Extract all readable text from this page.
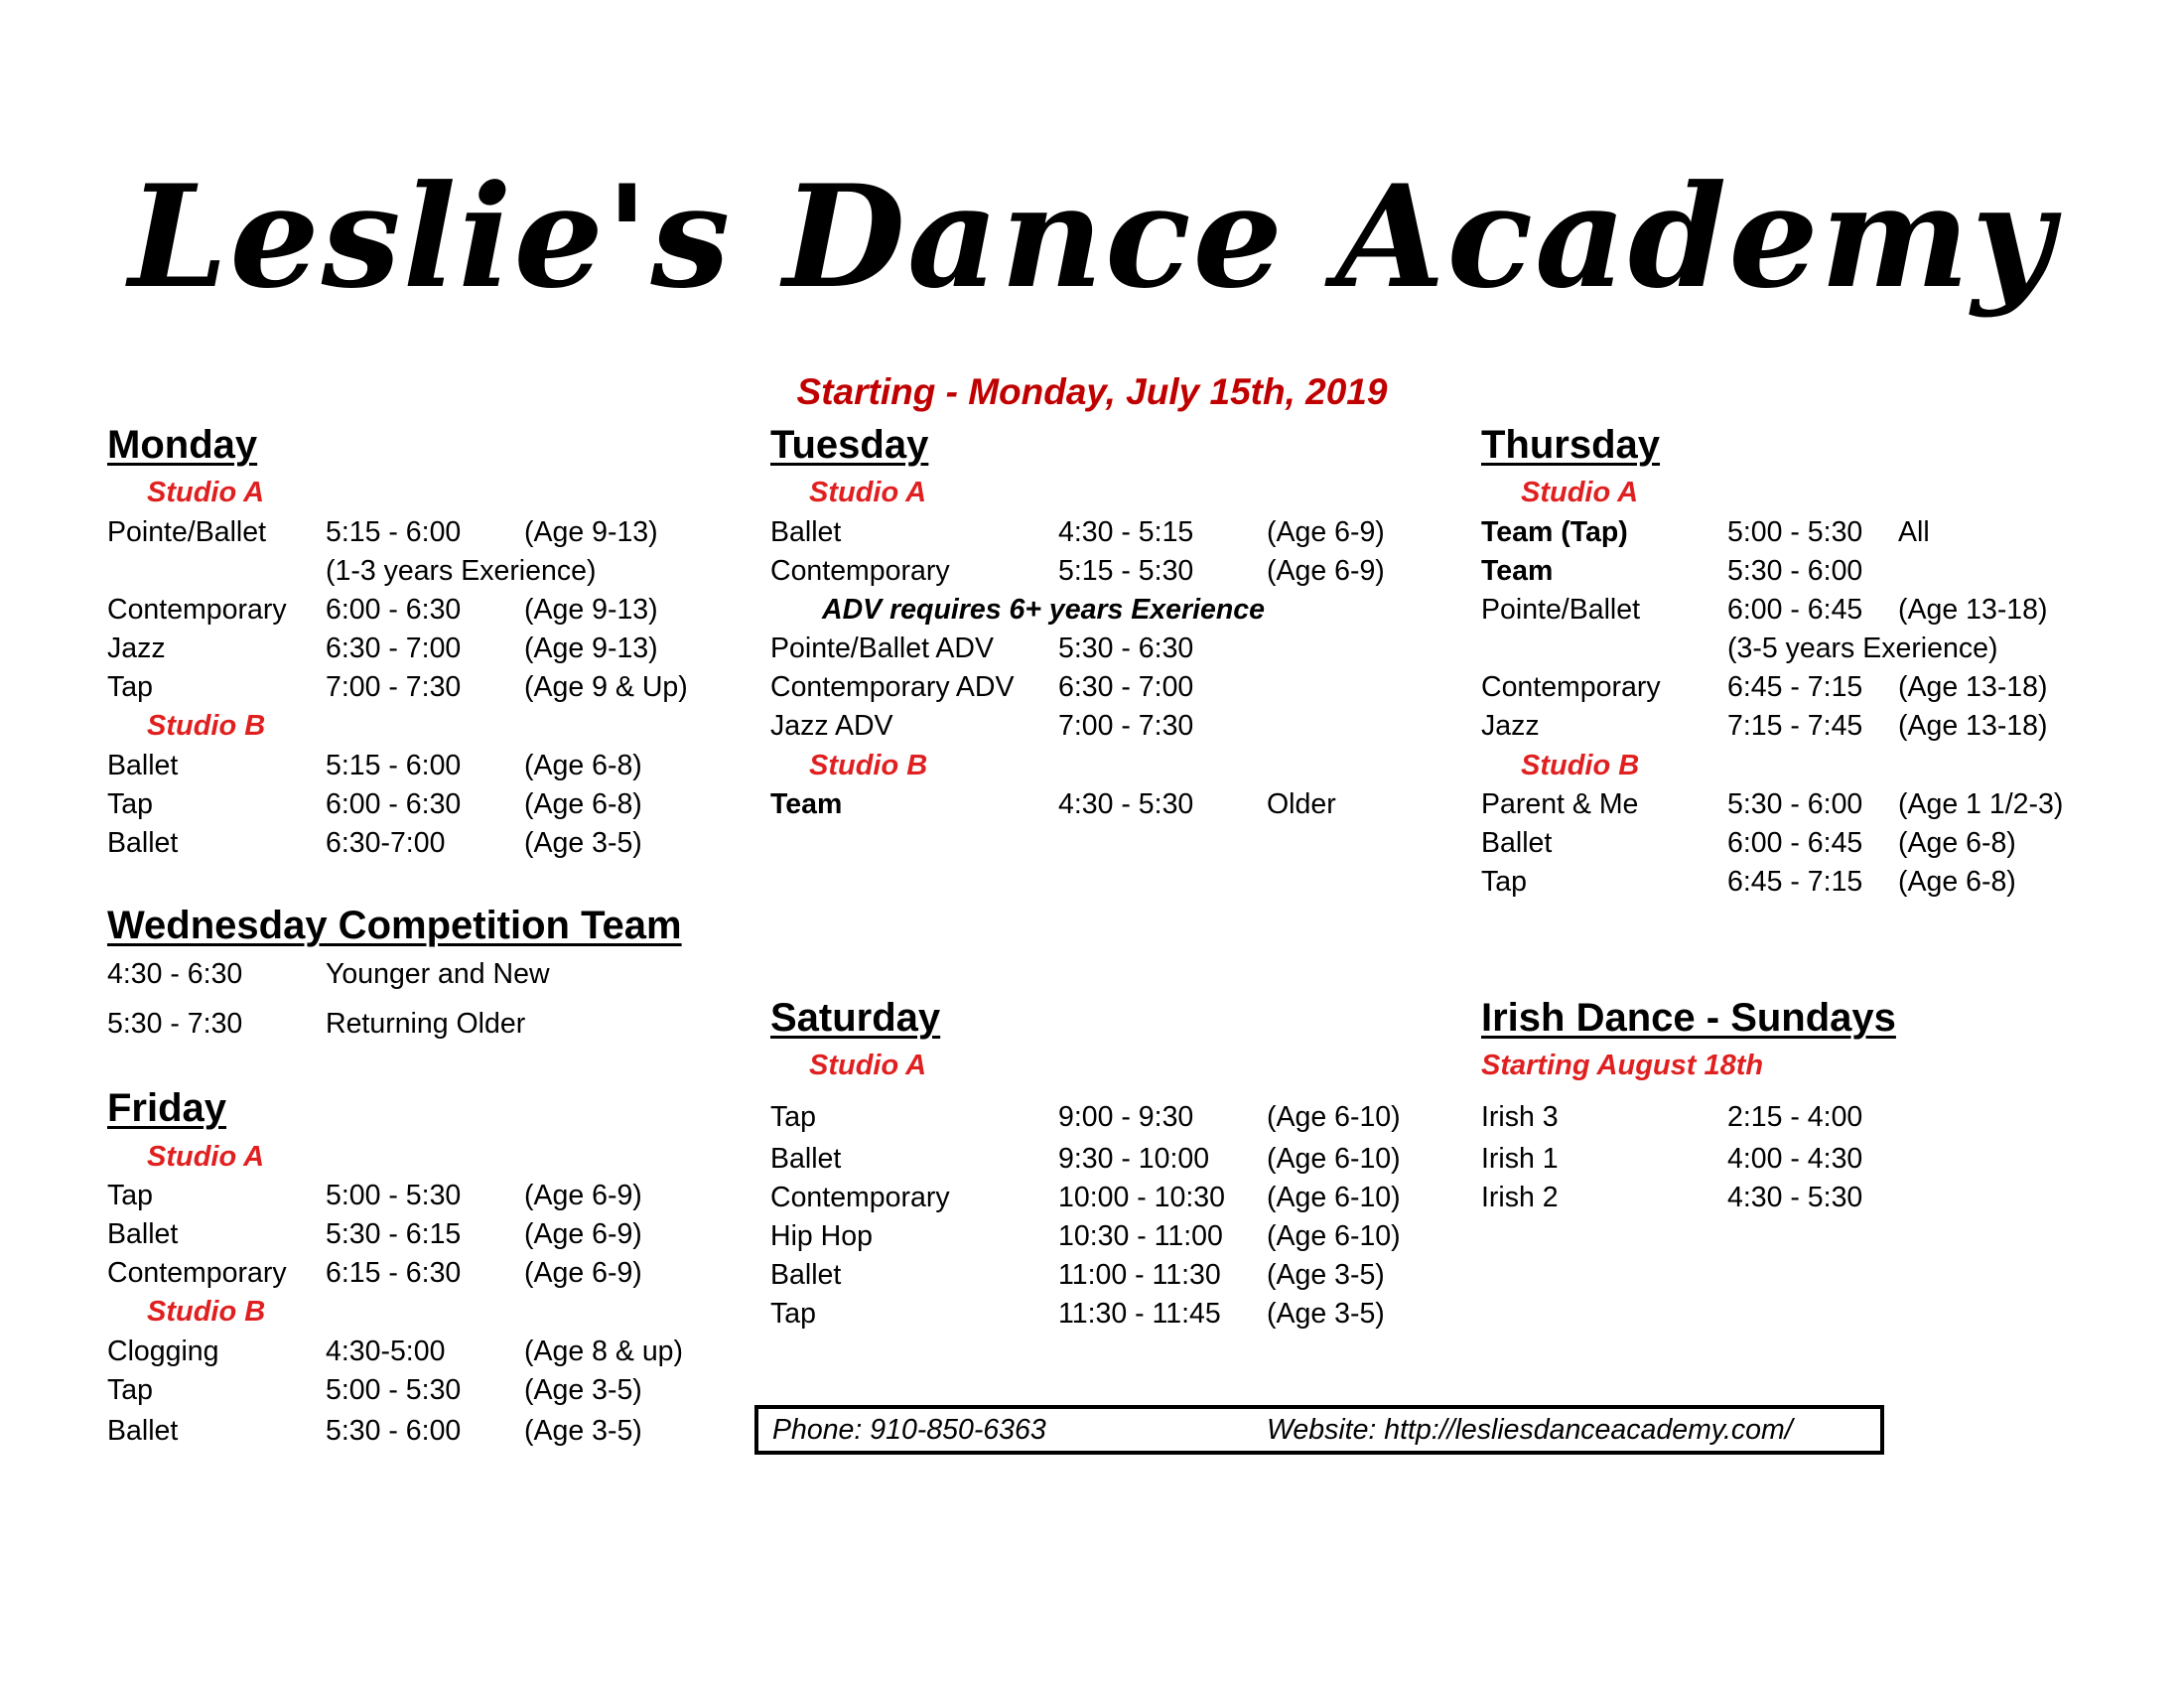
Leslie's Dance Academy
Starting - Monday, July 15th, 2019
Monday
Studio A
Pointe/Ballet 5:15 - 6:00 (Age 9-13)
(1-3 years Exerience)
Contemporary 6:00 - 6:30 (Age 9-13)
Jazz	6:30 - 7:00 (Age 9-13)
Tap	7:00 - 7:30 (Age 9 & Up)
Studio B
Ballet	5:15 - 6:00 (Age 6-8)
Tap	6:00 - 6:30 (Age 6-8)
Ballet	6:30-7:00	(Age 3-5)
Wednesday Competition Team
4:30 - 6:30	Younger and New
5:30 - 7:30	Returning Older
Friday
Studio A
Tap	5:00 - 5:30 (Age 6-9)
Ballet	5:30 - 6:15 (Age 6-9)
Contemporary 6:15 - 6:30 (Age 6-9)
Studio B
Clogging	4:30-5:00	(Age 8 & up)
Tap	5:00 - 5:30 (Age 3-5)
Ballet	5:30 - 6:00 (Age 3-5)
Tuesday
Studio A
Ballet	4:30 - 5:15	(Age 6-9)
Contemporary	5:15 - 5:30	(Age 6-9)
ADV requires 6+ years Exerience
Pointe/Ballet ADV 5:30 - 6:30
Contemporary ADV 6:30 - 7:00
Jazz ADV	7:00 - 7:30
Studio B
Team	4:30 - 5:30	Older
Saturday
Studio A
Tap	9:00 - 9:30	(Age 6-10)
Ballet	9:30 - 10:00 (Age 6-10)
Contemporary	10:00 - 10:30 (Age 6-10)
Hip Hop	10:30 - 11:00 (Age 6-10)
Ballet	11:00 - 11:30 (Age 3-5)
Tap	11:30 - 11:45 (Age 3-5)
Thursday
Studio A
Team (Tap)	5:00 - 5:30 All
Team	5:30 - 6:00
Pointe/Ballet	6:00 - 6:45 (Age 13-18)
(3-5 years Exerience)
Contemporary 6:45 - 7:15 (Age 13-18)
Jazz	7:15 - 7:45 (Age 13-18)
Studio B
Parent & Me	5:30 - 6:00 (Age 1 1/2-3)
Ballet	6:00 - 6:45 (Age 6-8)
Tap	6:45 - 7:15 (Age 6-8)
Irish Dance - Sundays
Starting August 18th
Irish 3	2:15 - 4:00
Irish 1	4:00 - 4:30
Irish 2	4:30 - 5:30
Phone: 910-850-6363	Website: http://lesliesdanceacademy.com/
